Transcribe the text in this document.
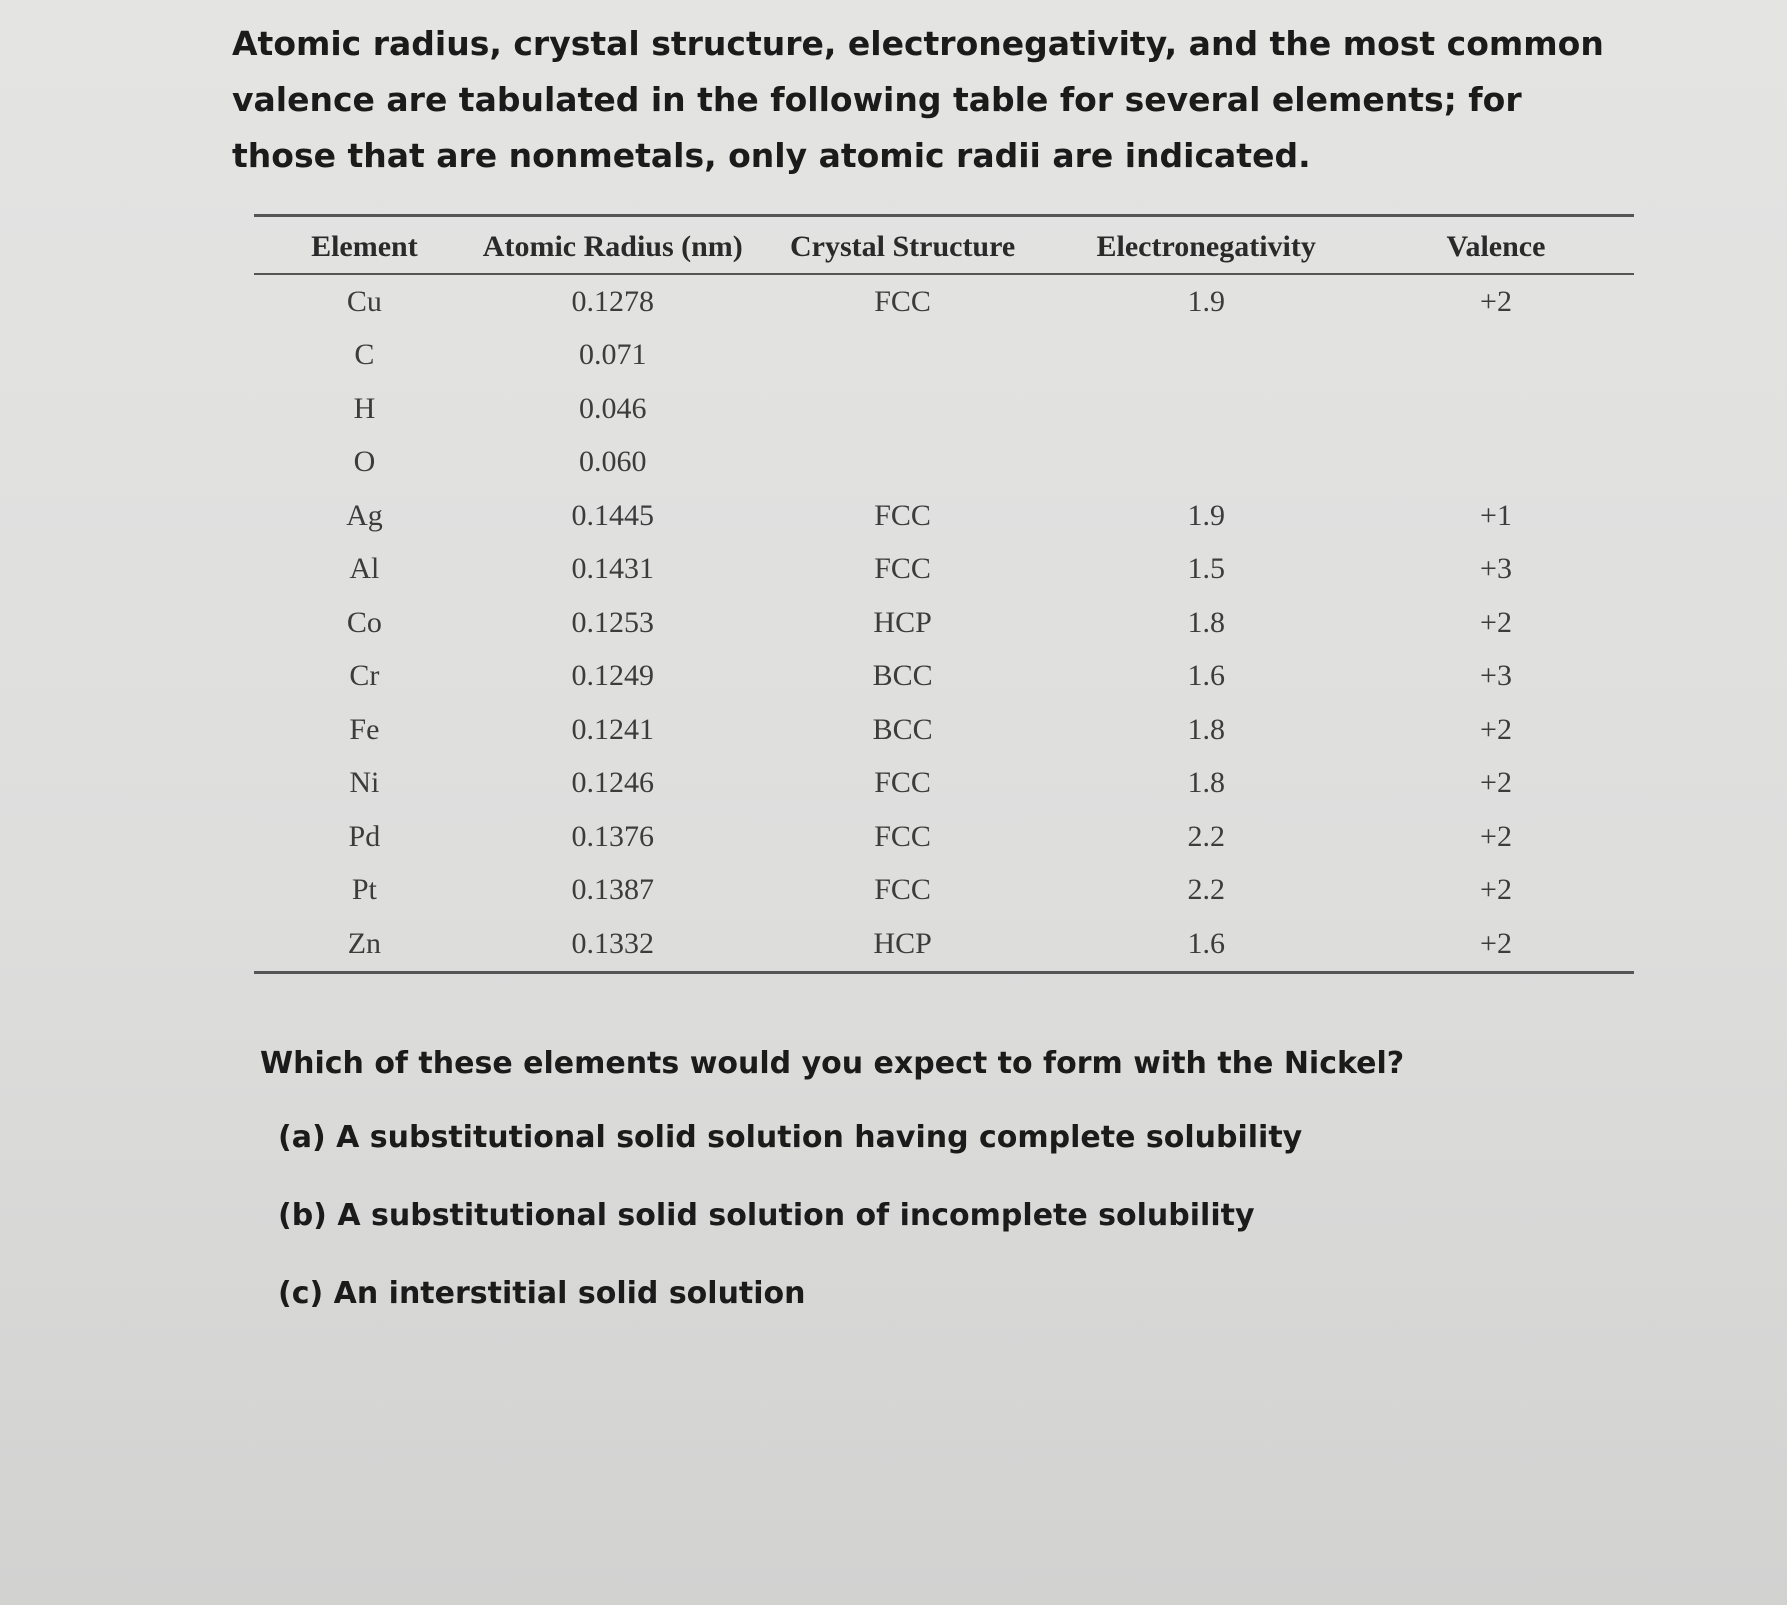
Atomic radius, crystal structure, electronegativity, and the most common valence are tabulated in the following table for several elements; for those that are nonmetals, only atomic radii are indicated.

Element	Atomic Radius (nm)	Crystal Structure	Electronegativity	Valence
Cu	0.1278	FCC	1.9	+2
C	0.071			
H	0.046			
O	0.060			
Ag	0.1445	FCC	1.9	+1
Al	0.1431	FCC	1.5	+3
Co	0.1253	HCP	1.8	+2
Cr	0.1249	BCC	1.6	+3
Fe	0.1241	BCC	1.8	+2
Ni	0.1246	FCC	1.8	+2
Pd	0.1376	FCC	2.2	+2
Pt	0.1387	FCC	2.2	+2
Zn	0.1332	HCP	1.6	+2

Which of these elements would you expect to form with the Nickel?

(a) A substitutional solid solution having complete solubility
(b) A substitutional solid solution of incomplete solubility
(c) An interstitial solid solution
